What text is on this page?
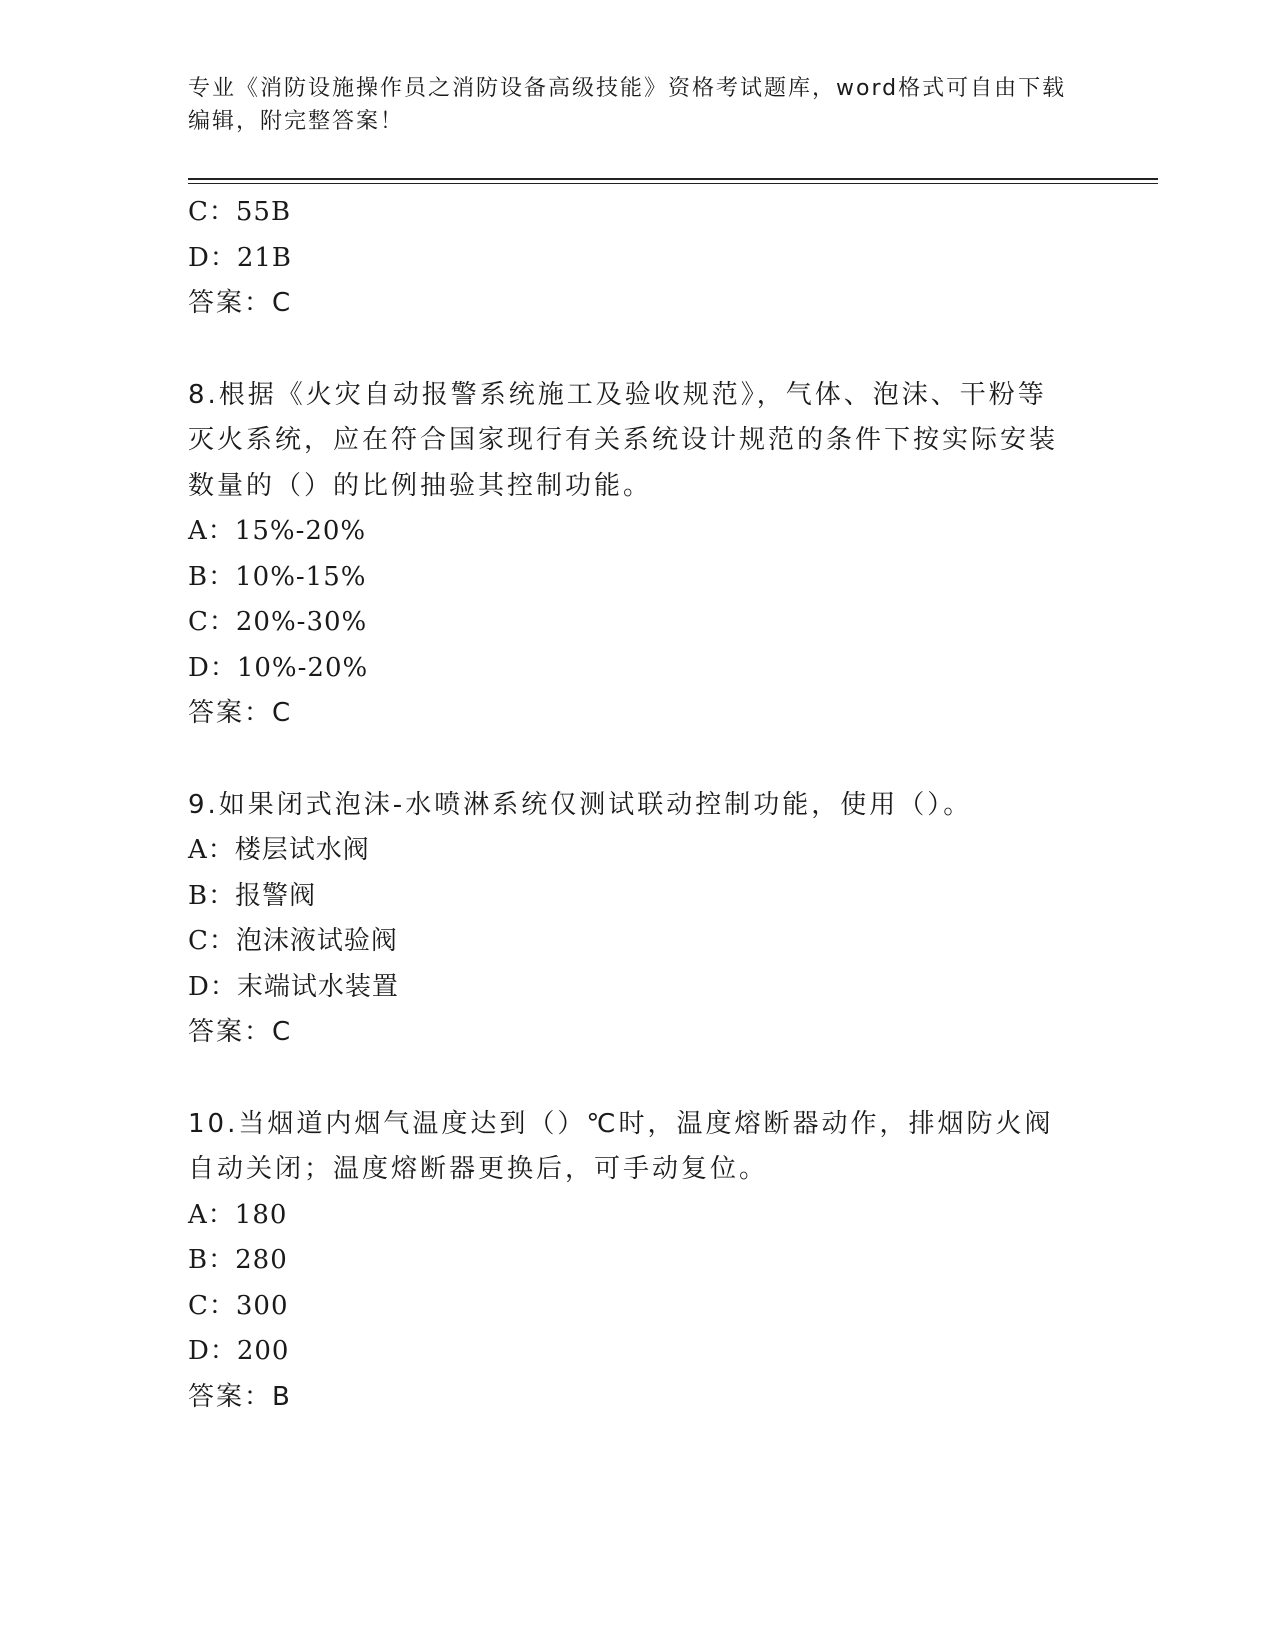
专业《消防设施操作员之消防设备高级技能》资格考试题库，word格式可自由下载编辑，附完整答案！

C：55B

D：21B

答案：C

8.根据《火灾自动报警系统施工及验收规范》，气体、泡沫、干粉等灭火系统，应在符合国家现行有关系统设计规范的条件下按实际安装数量的（）的比例抽验其控制功能。

A：15%-20%

B：10%-15%

C：20%-30%

D：10%-20%

答案：C

9.如果闭式泡沫-水喷淋系统仅测试联动控制功能，使用（）。

A：楼层试水阀

B：报警阀

C：泡沫液试验阀

D：末端试水装置

答案：C

10.当烟道内烟气温度达到（）℃时，温度熔断器动作，排烟防火阀自动关闭；温度熔断器更换后，可手动复位。

A：180

B：280

C：300

D：200

答案：B
